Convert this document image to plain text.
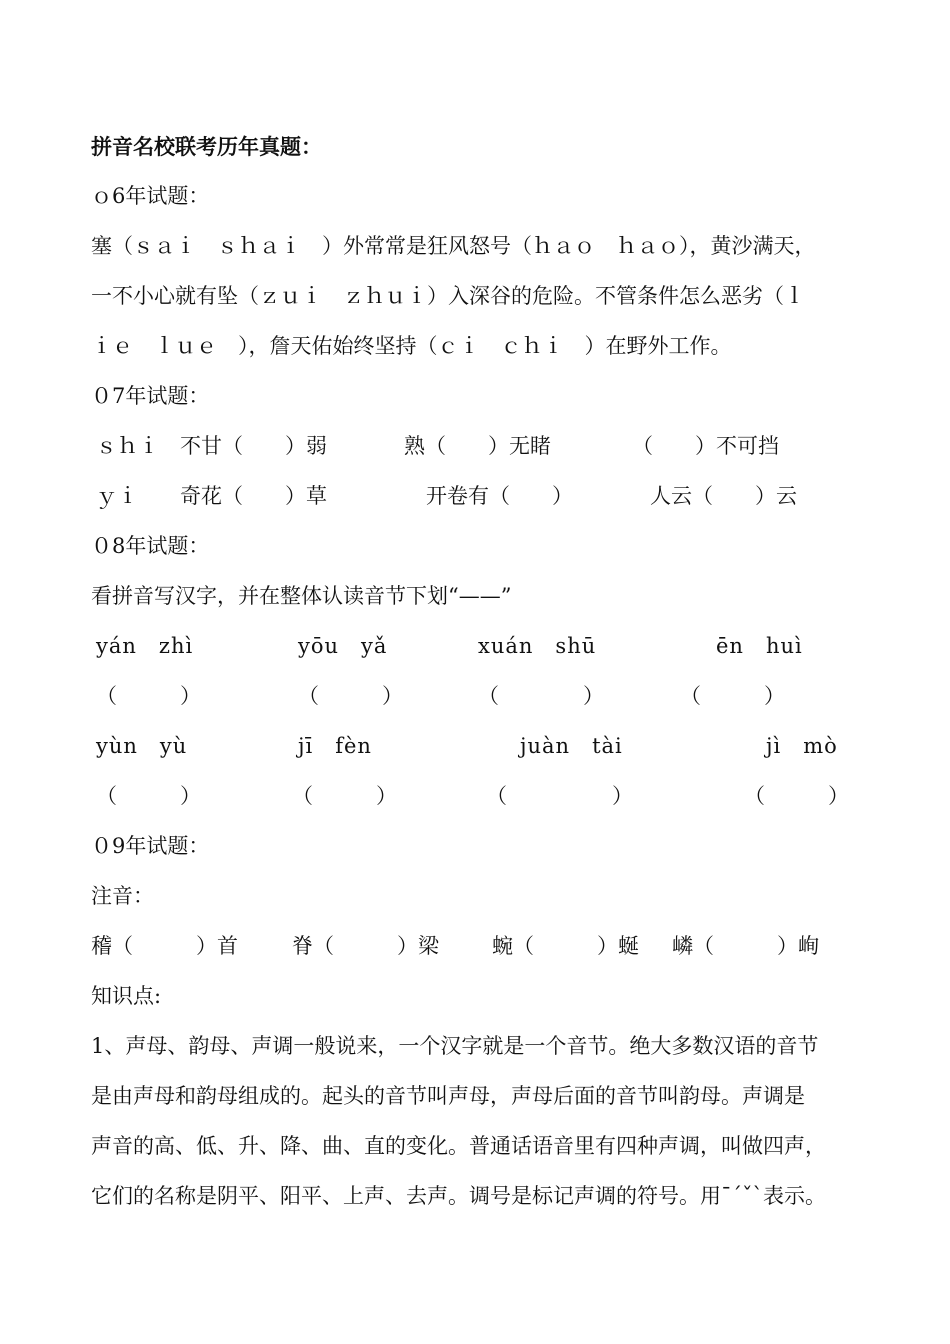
拼音名校联考历年真题：
ｏ6年试题：
塞（ｓａｉ　ｓｈａｉ　）外常常是狂风怒号（ｈａｏ　ｈａｏ），黄沙满天，
一不小心就有坠（ｚｕｉ　ｚｈｕｉ）入深谷的危险。不管条件怎么恶劣（ｌ
ｉｅ　ｌｕｅ　），詹天佑始终坚持（ｃｉ　ｃｈｉ　）在野外工作。
０7年试题：
ｓｈｉ 不甘（　　）弱	熟（　　）无睹	（　　）不可挡
ｙｉ 奇花（　　）草	开卷有（　　）	人云（　　）云
０8年试题：
看拼音写汉字，并在整体认读音节下划“——”
yán　zhì	yōu　yǎ	xuán　shū	ēn　huì
（　　　）	（　　　）	（　　　　）	（　　　）
yùn　yù	jī　fèn	juàn　tài	jì　mò
（　　　）	（　　　）	（　　　　　）	（　　　）
０9年试题：
注音：
稽（　　　）首	脊（　　　）梁	蜿（　　　）蜒 嶙（　　　）峋
知识点:
1、声母、韵母、声调一般说来，一个汉字就是一个音节。绝大多数汉语的音节
是由声母和韵母组成的。起头的音节叫声母，声母后面的音节叫韵母。声调是
声音的高、低、升、降、曲、直的变化。普通话语音里有四种声调，叫做四声，
它们的名称是阴平、阳平、上声、去声。调号是标记声调的符号。用ˉˊˇˋ表示。
